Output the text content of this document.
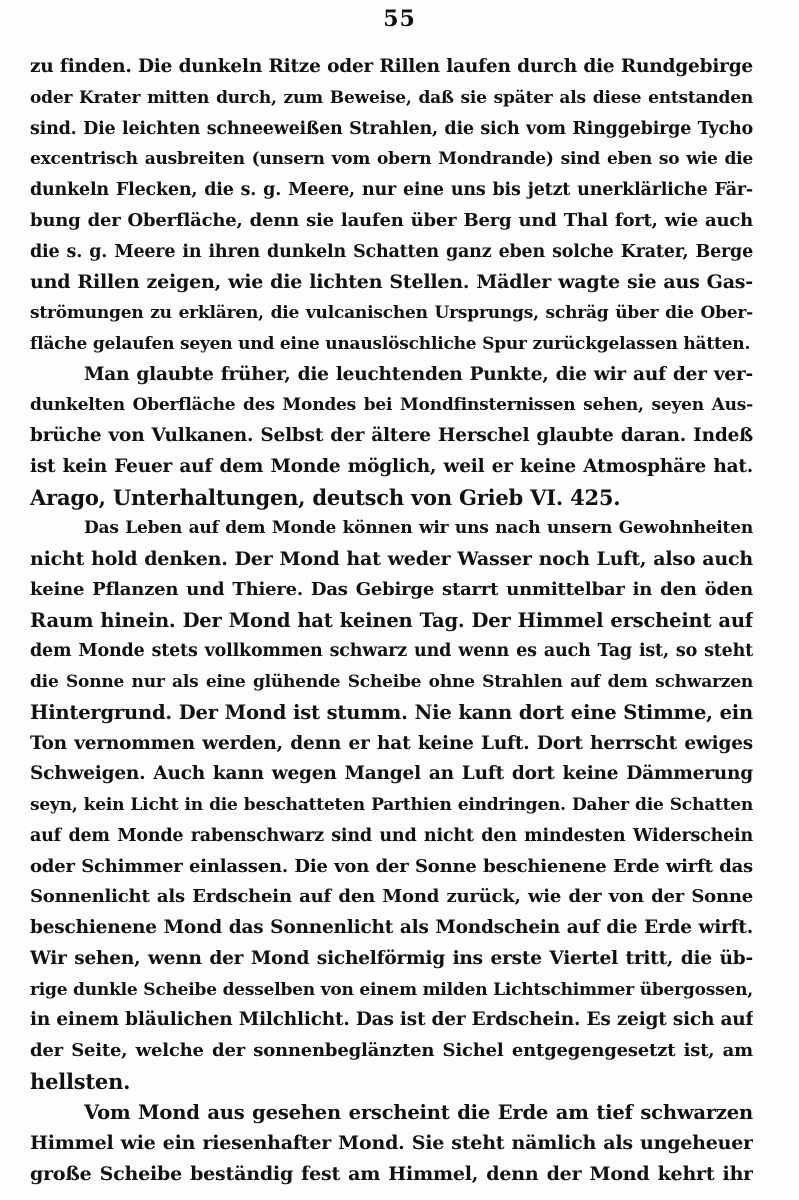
55
zu finden. Die dunkeln Ritze oder Rillen laufen durch die Rundgebirge
oder Krater mitten durch, zum Beweise, daß sie später als diese entstanden
sind. Die leichten schneeweißen Strahlen, die sich vom Ringgebirge Tycho
excentrisch ausbreiten (unsern vom obern Mondrande) sind eben so wie die
dunkeln Flecken, die s. g. Meere, nur eine uns bis jetzt unerklärliche Fär-
bung der Oberfläche, denn sie laufen über Berg und Thal fort, wie auch
die s. g. Meere in ihren dunkeln Schatten ganz eben solche Krater, Berge
und Rillen zeigen, wie die lichten Stellen. Mädler wagte sie aus Gas-
strömungen zu erklären, die vulcanischen Ursprungs, schräg über die Ober-
fläche gelaufen seyen und eine unauslöschliche Spur zurückgelassen hätten.
Man glaubte früher, die leuchtenden Punkte, die wir auf der ver-
dunkelten Oberfläche des Mondes bei Mondfinsternissen sehen, seyen Aus-
brüche von Vulkanen. Selbst der ältere Herschel glaubte daran. Indeß
ist kein Feuer auf dem Monde möglich, weil er keine Atmosphäre hat.
Arago, Unterhaltungen, deutsch von Grieb VI. 425.
Das Leben auf dem Monde können wir uns nach unsern Gewohnheiten
nicht hold denken. Der Mond hat weder Wasser noch Luft, also auch
keine Pflanzen und Thiere. Das Gebirge starrt unmittelbar in den öden
Raum hinein. Der Mond hat keinen Tag. Der Himmel erscheint auf
dem Monde stets vollkommen schwarz und wenn es auch Tag ist, so steht
die Sonne nur als eine glühende Scheibe ohne Strahlen auf dem schwarzen
Hintergrund. Der Mond ist stumm. Nie kann dort eine Stimme, ein
Ton vernommen werden, denn er hat keine Luft. Dort herrscht ewiges
Schweigen. Auch kann wegen Mangel an Luft dort keine Dämmerung
seyn, kein Licht in die beschatteten Parthien eindringen. Daher die Schatten
auf dem Monde rabenschwarz sind und nicht den mindesten Widerschein
oder Schimmer einlassen. Die von der Sonne beschienene Erde wirft das
Sonnenlicht als Erdschein auf den Mond zurück, wie der von der Sonne
beschienene Mond das Sonnenlicht als Mondschein auf die Erde wirft.
Wir sehen, wenn der Mond sichelförmig ins erste Viertel tritt, die üb-
rige dunkle Scheibe desselben von einem milden Lichtschimmer übergossen,
in einem bläulichen Milchlicht. Das ist der Erdschein. Es zeigt sich auf
der Seite, welche der sonnenbeglänzten Sichel entgegengesetzt ist, am
hellsten.
Vom Mond aus gesehen erscheint die Erde am tief schwarzen
Himmel wie ein riesenhafter Mond. Sie steht nämlich als ungeheuer
große Scheibe beständig fest am Himmel, denn der Mond kehrt ihr
